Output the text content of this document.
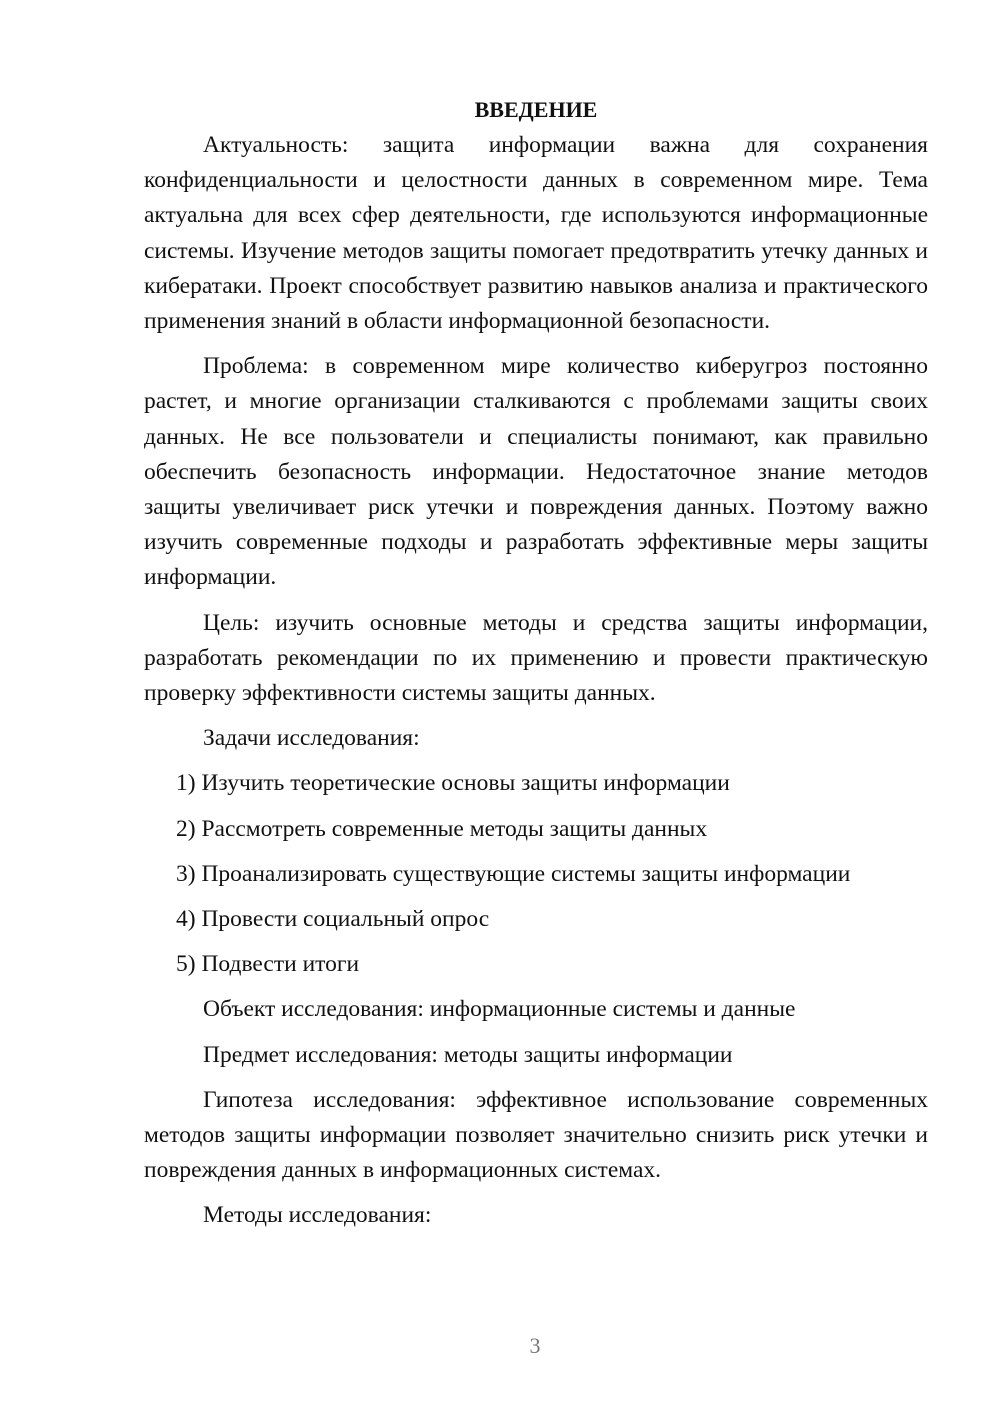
ВВЕДЕНИЕ

Актуальность: защита информации важна для сохранения конфиденциальности и целостности данных в современном мире. Тема актуальна для всех сфер деятельности, где используются информационные системы. Изучение методов защиты помогает предотвратить утечку данных и кибератаки. Проект способствует развитию навыков анализа и практического применения знаний в области информационной безопасности.

Проблема: в современном мире количество киберугроз постоянно растет, и многие организации сталкиваются с проблемами защиты своих данных. Не все пользователи и специалисты понимают, как правильно обеспечить безопасность информации. Недостаточное знание методов защиты увеличивает риск утечки и повреждения данных. Поэтому важно изучить современные подходы и разработать эффективные меры защиты информации.

Цель: изучить основные методы и средства защиты информации, разработать рекомендации по их применению и провести практическую проверку эффективности системы защиты данных.

Задачи исследования:

1) Изучить теоретические основы защиты информации

2) Рассмотреть современные методы защиты данных

3) Проанализировать существующие системы защиты информации

4) Провести социальный опрос

5) Подвести итоги

Объект исследования: информационные системы и данные

Предмет исследования: методы защиты информации

Гипотеза исследования: эффективное использование современных методов защиты информации позволяет значительно снизить риск утечки и повреждения данных в информационных системах.

Методы исследования:

3
